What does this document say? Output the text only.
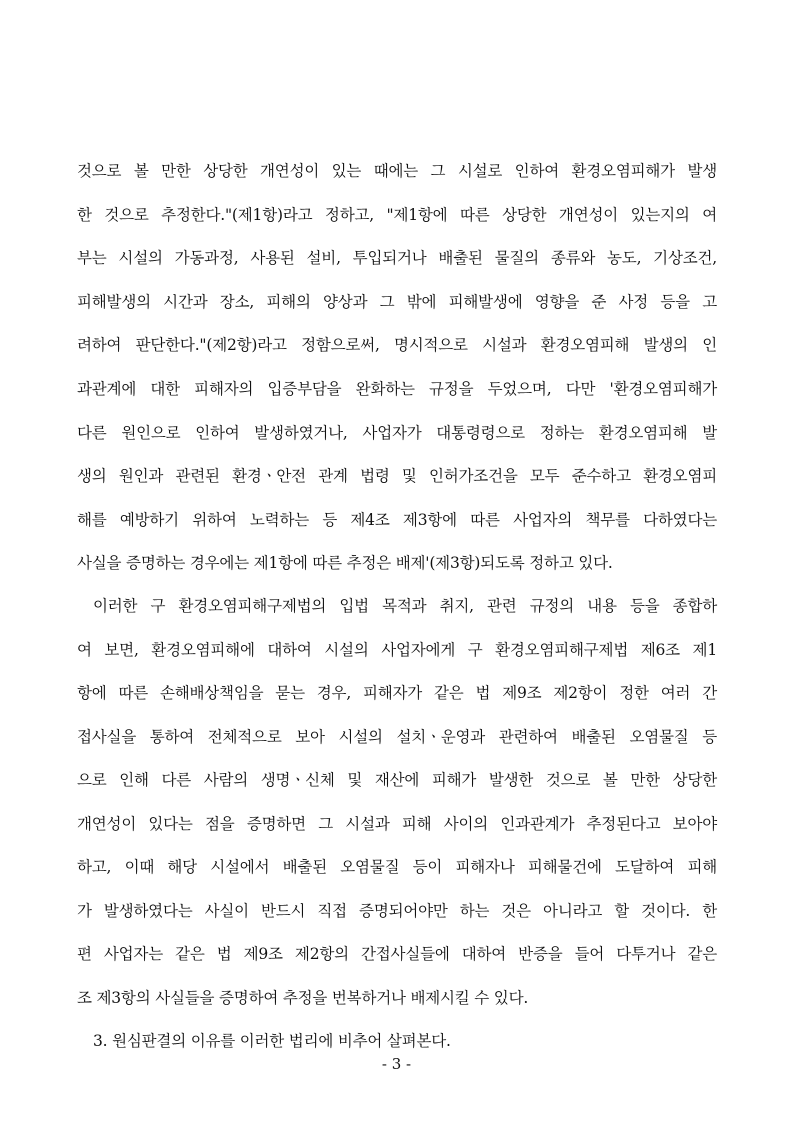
것으로 볼 만한 상당한 개연성이 있는 때에는 그 시설로 인하여 환경오염피해가 발생
한 것으로 추정한다."(제1항)라고 정하고, "제1항에 따른 상당한 개연성이 있는지의 여
부는 시설의 가동과정, 사용된 설비, 투입되거나 배출된 물질의 종류와 농도, 기상조건,
피해발생의 시간과 장소, 피해의 양상과 그 밖에 피해발생에 영향을 준 사정 등을 고
려하여 판단한다."(제2항)라고 정함으로써, 명시적으로 시설과 환경오염피해 발생의 인
과관계에 대한 피해자의 입증부담을 완화하는 규정을 두었으며, 다만 '환경오염피해가
다른 원인으로 인하여 발생하였거나, 사업자가 대통령령으로 정하는 환경오염피해 발
생의 원인과 관련된 환경ㆍ안전 관계 법령 및 인허가조건을 모두 준수하고 환경오염피
해를 예방하기 위하여 노력하는 등 제4조 제3항에 따른 사업자의 책무를 다하였다는
사실을 증명하는 경우에는 제1항에 따른 추정은 배제'(제3항)되도록 정하고 있다.
이러한 구 환경오염피해구제법의 입법 목적과 취지, 관련 규정의 내용 등을 종합하
여 보면, 환경오염피해에 대하여 시설의 사업자에게 구 환경오염피해구제법 제6조 제1
항에 따른 손해배상책임을 묻는 경우, 피해자가 같은 법 제9조 제2항이 정한 여러 간
접사실을 통하여 전체적으로 보아 시설의 설치ㆍ운영과 관련하여 배출된 오염물질 등
으로 인해 다른 사람의 생명ㆍ신체 및 재산에 피해가 발생한 것으로 볼 만한 상당한
개연성이 있다는 점을 증명하면 그 시설과 피해 사이의 인과관계가 추정된다고 보아야
하고, 이때 해당 시설에서 배출된 오염물질 등이 피해자나 피해물건에 도달하여 피해
가 발생하였다는 사실이 반드시 직접 증명되어야만 하는 것은 아니라고 할 것이다. 한
편 사업자는 같은 법 제9조 제2항의 간접사실들에 대하여 반증을 들어 다투거나 같은
조 제3항의 사실들을 증명하여 추정을 번복하거나 배제시킬 수 있다.
3. 원심판결의 이유를 이러한 법리에 비추어 살펴본다.
- 3 -
